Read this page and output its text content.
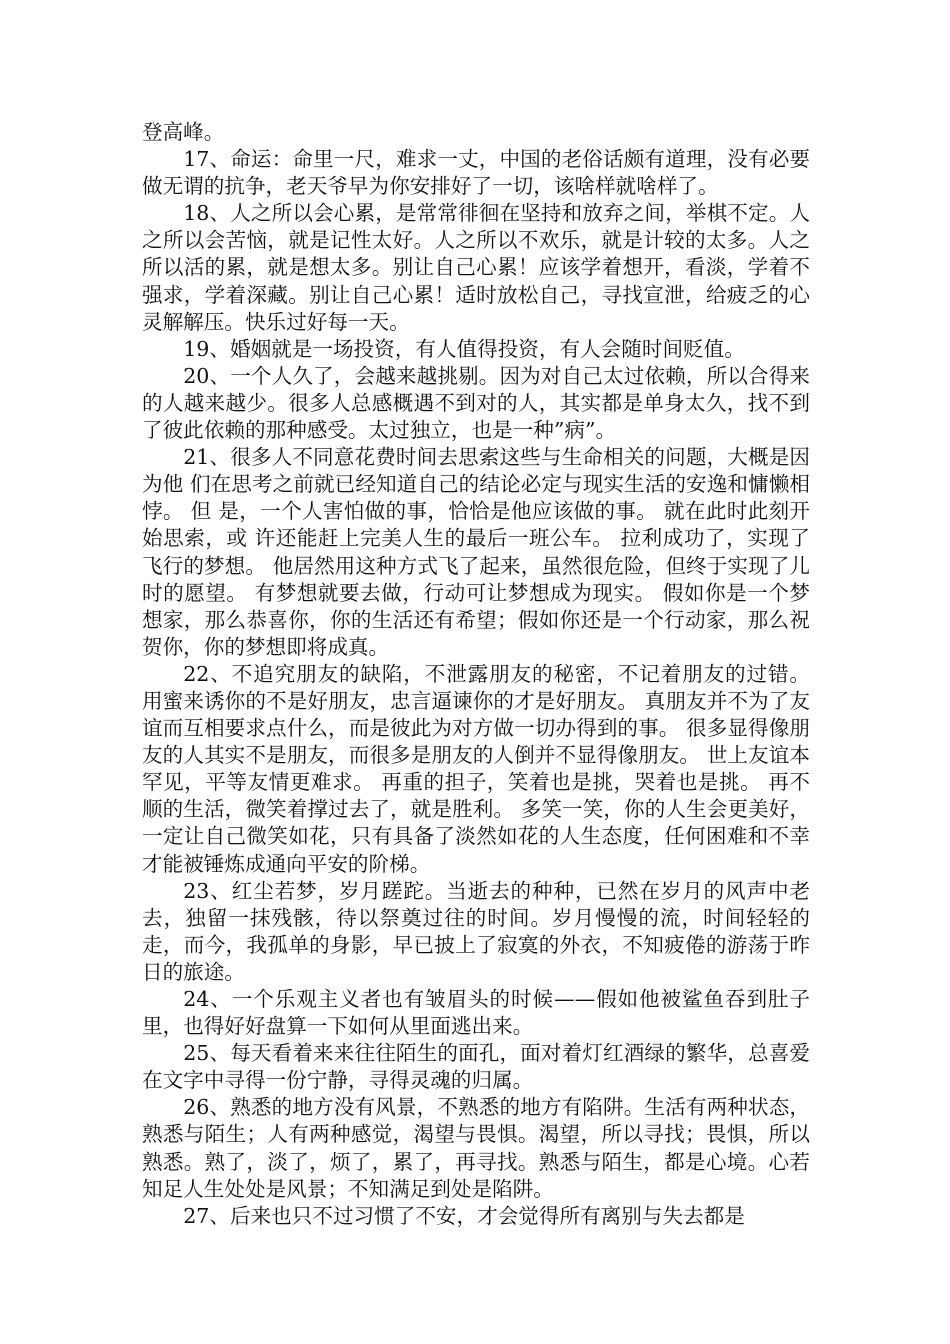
登高峰。

17、命运：命里一尺，难求一丈，中国的老俗话颇有道理，没有必要做无谓的抗争，老天爷早为你安排好了一切，该啥样就啥样了。

18、人之所以会心累，是常常徘徊在坚持和放弃之间，举棋不定。人之所以会苦恼，就是记性太好。人之所以不欢乐，就是计较的太多。人之所以活的累，就是想太多。别让自己心累！应该学着想开，看淡，学着不强求，学着深藏。别让自己心累！适时放松自己，寻找宣泄，给疲乏的心灵解解压。快乐过好每一天。

19、婚姻就是一场投资，有人值得投资，有人会随时间贬值。

20、一个人久了，会越来越挑剔。因为对自己太过依赖，所以合得来的人越来越少。很多人总感概遇不到对的人，其实都是单身太久，找不到了彼此依赖的那种感受。太过独立，也是一种”病”。

21、很多人不同意花费时间去思索这些与生命相关的问题，大概是因为他 们在思考之前就已经知道自己的结论必定与现实生活的安逸和慵懒相悖。 但 是，一个人害怕做的事，恰恰是他应该做的事。 就在此时此刻开始思索，或 许还能赶上完美人生的最后一班公车。 拉利成功了，实现了飞行的梦想。 他居然用这种方式飞了起来，虽然很危险，但终于实现了儿时的愿望。 有梦想就要去做，行动可让梦想成为现实。 假如你是一个梦想家，那么恭喜你，你的生活还有希望；假如你还是一个行动家，那么祝贺你，你的梦想即将成真。

22、不追究朋友的缺陷，不泄露朋友的秘密，不记着朋友的过错。 用蜜来诱你的不是好朋友，忠言逼谏你的才是好朋友。 真朋友并不为了友谊而互相要求点什么，而是彼此为对方做一切办得到的事。 很多显得像朋友的人其实不是朋友，而很多是朋友的人倒并不显得像朋友。 世上友谊本罕见，平等友情更难求。 再重的担子，笑着也是挑，哭着也是挑。 再不顺的生活，微笑着撑过去了，就是胜利。 多笑一笑，你的人生会更美好，一定让自己微笑如花，只有具备了淡然如花的人生态度，任何困难和不幸才能被锤炼成通向平安的阶梯。

23、红尘若梦，岁月蹉跎。当逝去的种种，已然在岁月的风声中老去，独留一抹残骸，待以祭奠过往的时间。岁月慢慢的流，时间轻轻的走，而今，我孤单的身影，早已披上了寂寞的外衣，不知疲倦的游荡于昨日的旅途。

24、一个乐观主义者也有皱眉头的时候——假如他被鲨鱼吞到肚子里，也得好好盘算一下如何从里面逃出来。

25、每天看着来来往往陌生的面孔，面对着灯红酒绿的繁华，总喜爱在文字中寻得一份宁静，寻得灵魂的归属。

26、熟悉的地方没有风景，不熟悉的地方有陷阱。生活有两种状态，熟悉与陌生；人有两种感觉，渴望与畏惧。渴望，所以寻找；畏惧，所以熟悉。熟了，淡了，烦了，累了，再寻找。熟悉与陌生，都是心境。心若知足人生处处是风景；不知满足到处是陷阱。

27、后来也只不过习惯了不安，才会觉得所有离别与失去都是
